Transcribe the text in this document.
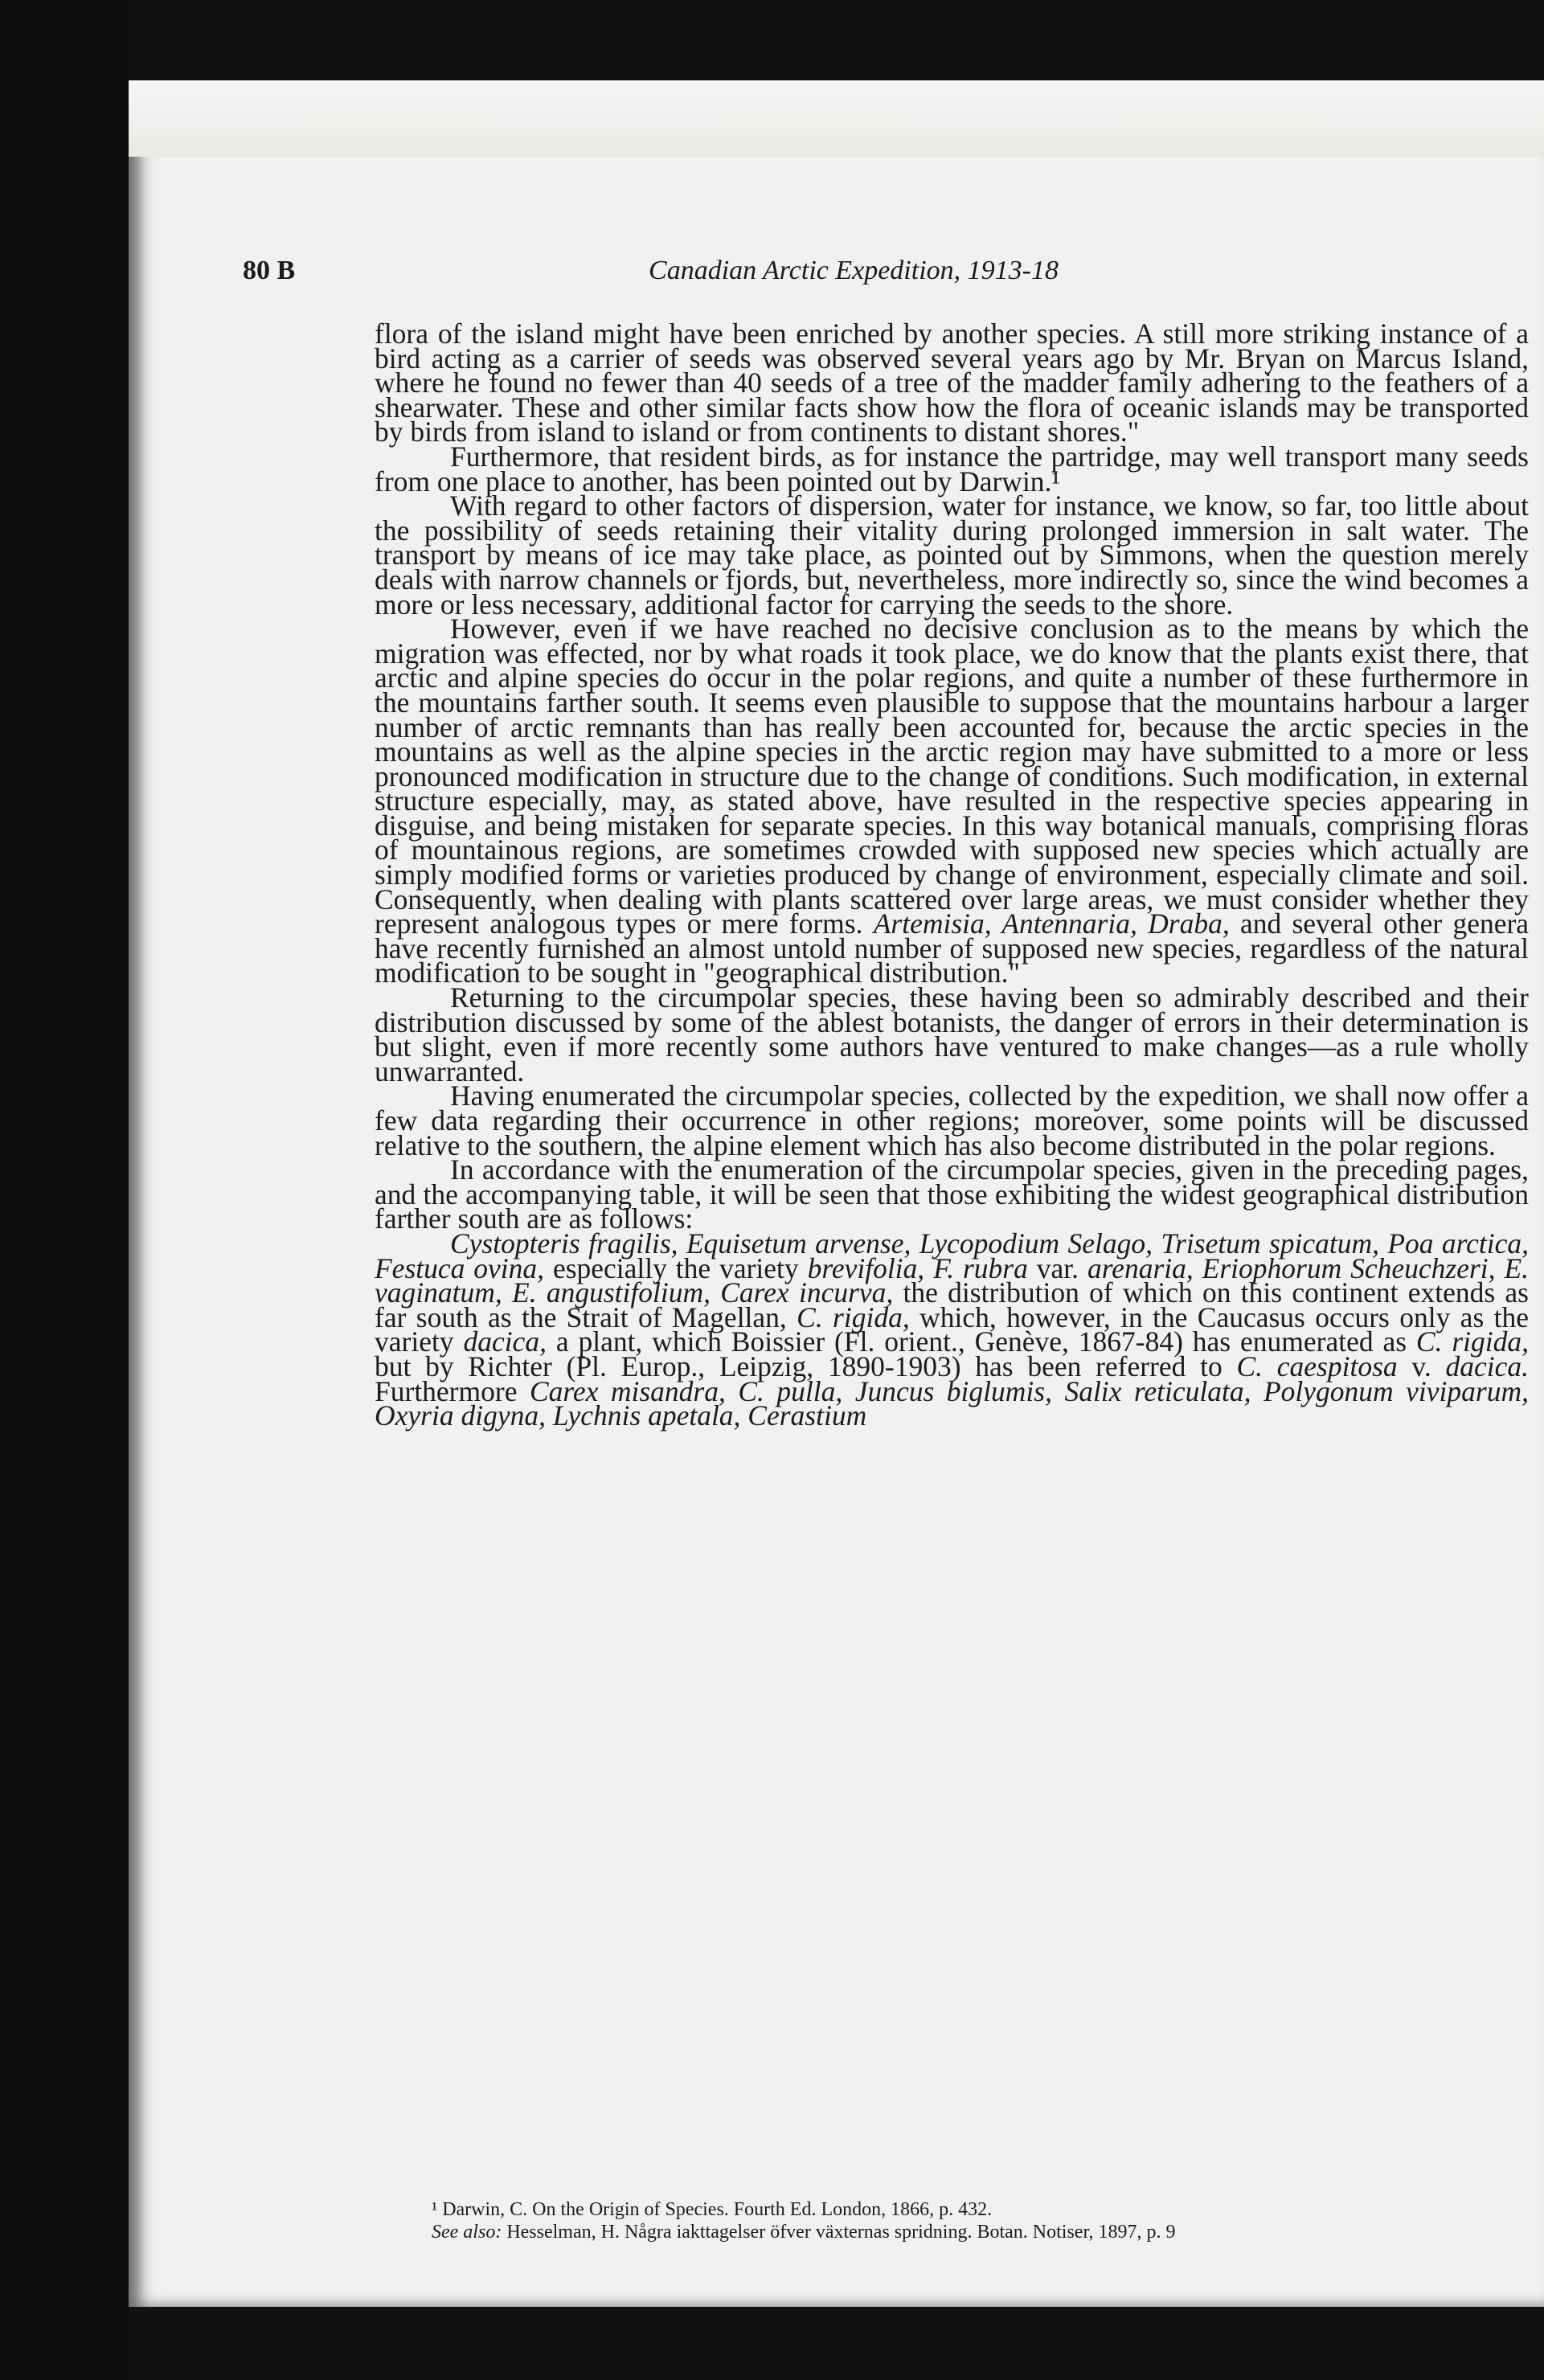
80 B	Canadian Arctic Expedition, 1913-18

flora of the island might have been enriched by another species. A still more striking instance of a bird acting as a carrier of seeds was observed several years ago by Mr. Bryan on Marcus Island, where he found no fewer than 40 seeds of a tree of the madder family adhering to the feathers of a shearwater. These and other similar facts show how the flora of oceanic islands may be transported by birds from island to island or from continents to distant shores."

Furthermore, that resident birds, as for instance the partridge, may well transport many seeds from one place to another, has been pointed out by Darwin.¹

With regard to other factors of dispersion, water for instance, we know, so far, too little about the possibility of seeds retaining their vitality during prolonged immersion in salt water. The transport by means of ice may take place, as pointed out by Simmons, when the question merely deals with narrow channels or fjords, but, nevertheless, more indirectly so, since the wind becomes a more or less necessary, additional factor for carrying the seeds to the shore.

However, even if we have reached no decisive conclusion as to the means by which the migration was effected, nor by what roads it took place, we do know that the plants exist there, that arctic and alpine species do occur in the polar regions, and quite a number of these furthermore in the mountains farther south. It seems even plausible to suppose that the mountains harbour a larger number of arctic remnants than has really been accounted for, because the arctic species in the mountains as well as the alpine species in the arctic region may have submitted to a more or less pronounced modification in structure due to the change of conditions. Such modification, in external structure especially, may, as stated above, have resulted in the respective species appearing in disguise, and being mistaken for separate species. In this way botanical manuals, comprising floras of mountainous regions, are sometimes crowded with supposed new species which actually are simply modified forms or varieties produced by change of environment, especially climate and soil. Consequently, when dealing with plants scattered over large areas, we must consider whether they represent analogous types or mere forms. Artemisia, Antennaria, Draba, and several other genera have recently furnished an almost untold number of supposed new species, regardless of the natural modification to be sought in "geographical distribution."

Returning to the circumpolar species, these having been so admirably described and their distribution discussed by some of the ablest botanists, the danger of errors in their determination is but slight, even if more recently some authors have ventured to make changes—as a rule wholly unwarranted.

Having enumerated the circumpolar species, collected by the expedition, we shall now offer a few data regarding their occurrence in other regions; moreover, some points will be discussed relative to the southern, the alpine element which has also become distributed in the polar regions.

In accordance with the enumeration of the circumpolar species, given in the preceding pages, and the accompanying table, it will be seen that those exhibiting the widest geographical distribution farther south are as follows:

Cystopteris fragilis, Equisetum arvense, Lycopodium Selago, Trisetum spicatum, Poa arctica, Festuca ovina, especially the variety brevifolia, F. rubra var. arenaria, Eriophorum Scheuchzeri, E. vaginatum, E. angustifolium, Carex incurva, the distribution of which on this continent extends as far south as the Strait of Magellan, C. rigida, which, however, in the Caucasus occurs only as the variety dacica, a plant, which Boissier (Fl. orient., Genève, 1867-84) has enumerated as C. rigida, but by Richter (Pl. Europ., Leipzig, 1890-1903) has been referred to C. caespitosa v. dacica. Furthermore Carex misandra, C. pulla, Juncus biglumis, Salix reticulata, Polygonum viviparum, Oxyria digyna, Lychnis apetala, Cerastium

¹ Darwin, C. On the Origin of Species. Fourth Ed. London, 1866, p. 432.

See also: Hesselman, H. Några iakttagelser öfver växternas spridning. Botan. Notiser, 1897, p. 9
